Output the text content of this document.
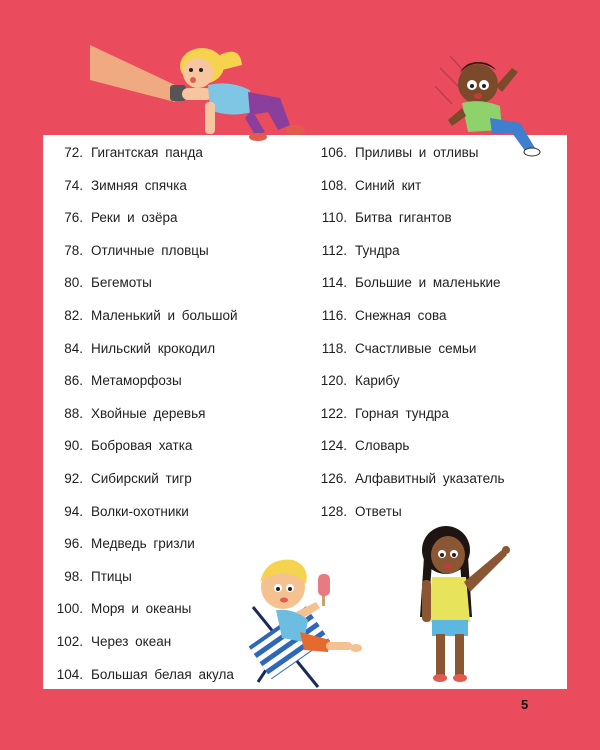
72. Гигантская панда
74. Зимняя спячка
76. Реки и озёра
78. Отличные пловцы
80. Бегемоты
82. Маленький и большой
84. Нильский крокодил
86. Метаморфозы
88. Хвойные деревья
90. Бобровая хатка
92. Сибирский тигр
94. Волки-охотники
96. Медведь гризли
98. Птицы
100. Моря и океаны
102. Через океан
104. Большая белая акула
106. Приливы и отливы
108. Синий кит
110. Битва гигантов
112. Тундра
114. Большие и маленькие
116. Снежная сова
118. Счастливые семьи
120. Карибу
122. Горная тундра
124. Словарь
126. Алфавитный указатель
128. Ответы
5
